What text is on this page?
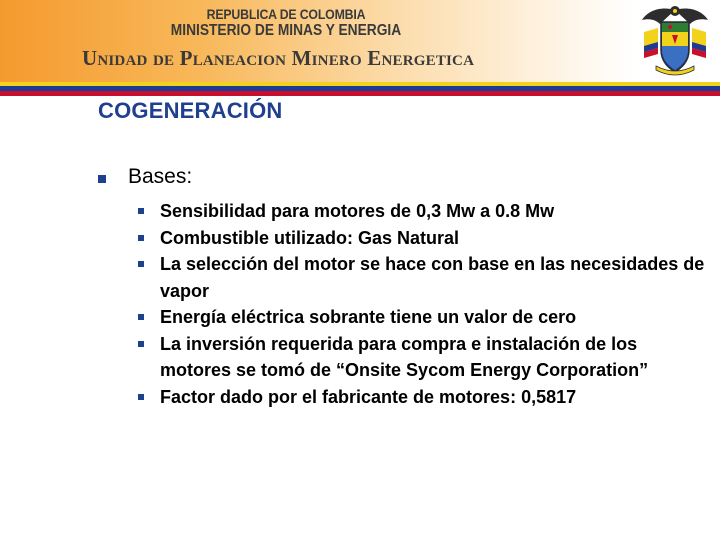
REPUBLICA DE COLOMBIA
MINISTERIO DE MINAS Y ENERGIA
Unidad de Planeacion Minero Energetica
COGENERACIÓN
Bases:
Sensibilidad para motores de 0,3 Mw a 0.8 Mw
Combustible utilizado: Gas Natural
La selección del motor se hace con base en las necesidades de vapor
Energía eléctrica sobrante tiene un valor de cero
La inversión requerida para compra e instalación de los motores se tomó de “Onsite Sycom Energy Corporation”
Factor dado por el fabricante de motores: 0,5817
